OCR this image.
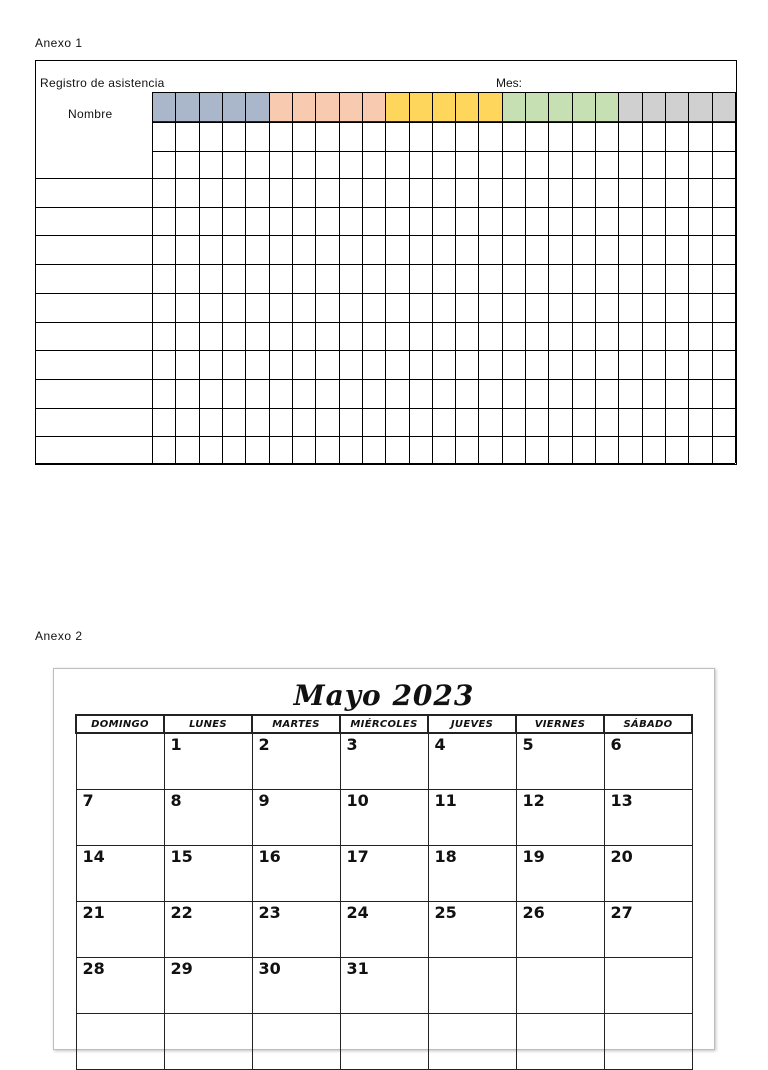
Anexo 1
Registro de asistencia	Mes:
Nombre
Anexo 2
Mayo 2023
DOMINGO	LUNES	MARTES	MIÉRCOLES	JUEVES	VIERNES	SÁBADO

	1	2	3	4	5	6

7	8	9	10	11	12	13

14	15	16	17	18	19	20

21	22	23	24	25	26	27

28	29	30	31			
